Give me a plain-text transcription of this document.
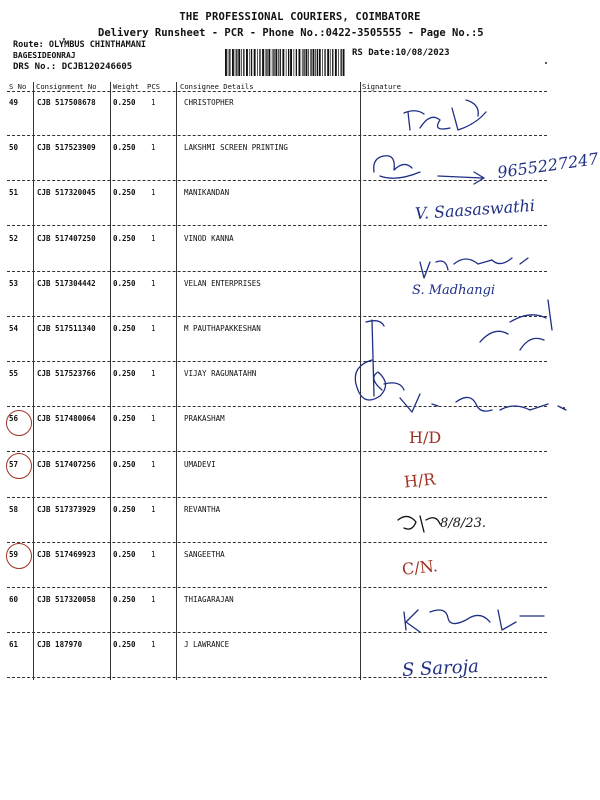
THE PROFESSIONAL COURIERS, COIMBATORE
Delivery Runsheet - PCR - Phone No.:0422-3505555 - Page No.:5
Route: OLYMBUS CHINTHAMANI
BAGESIDEONRAJ
DRS No.: DCJB120246605
RS Date:10/08/2023
S No Consignment No Weight PCS	Consignee Details	Signature
49	CJB 517508678 0.250 1	CHRISTOPHER
50	CJB 517523909 0.250 1	LAKSHMI SCREEN PRINTING
51	CJB 517320045 0.250 1	MANIKANDAN
52	CJB 517407250 0.250 1	VINOD KANNA
53	CJB 517304442 0.250 1	VELAN ENTERPRISES
54	CJB 517511340 0.250 1	M PAUTHAPAKKESHAN
55	CJB 517523766 0.250 1	VIJAY RAGUNATAHN
56	CJB 517480064 0.250 1	PRAKASHAM
57	CJB 517407256 0.250 1	UMADEVI
58	CJB 517373929 0.250 1	REVANTHA
59	CJB 517469923 0.250 1	SANGEETHA
60	CJB 517320058 0.250 1	THIAGARAJAN
61	CJB 187970	0.250 1	J LAWRANCE
9655227247
V. Saasaswathi
S. Madhangi
H/D
H/R
8/8/23.
C/N.
S Saroja
